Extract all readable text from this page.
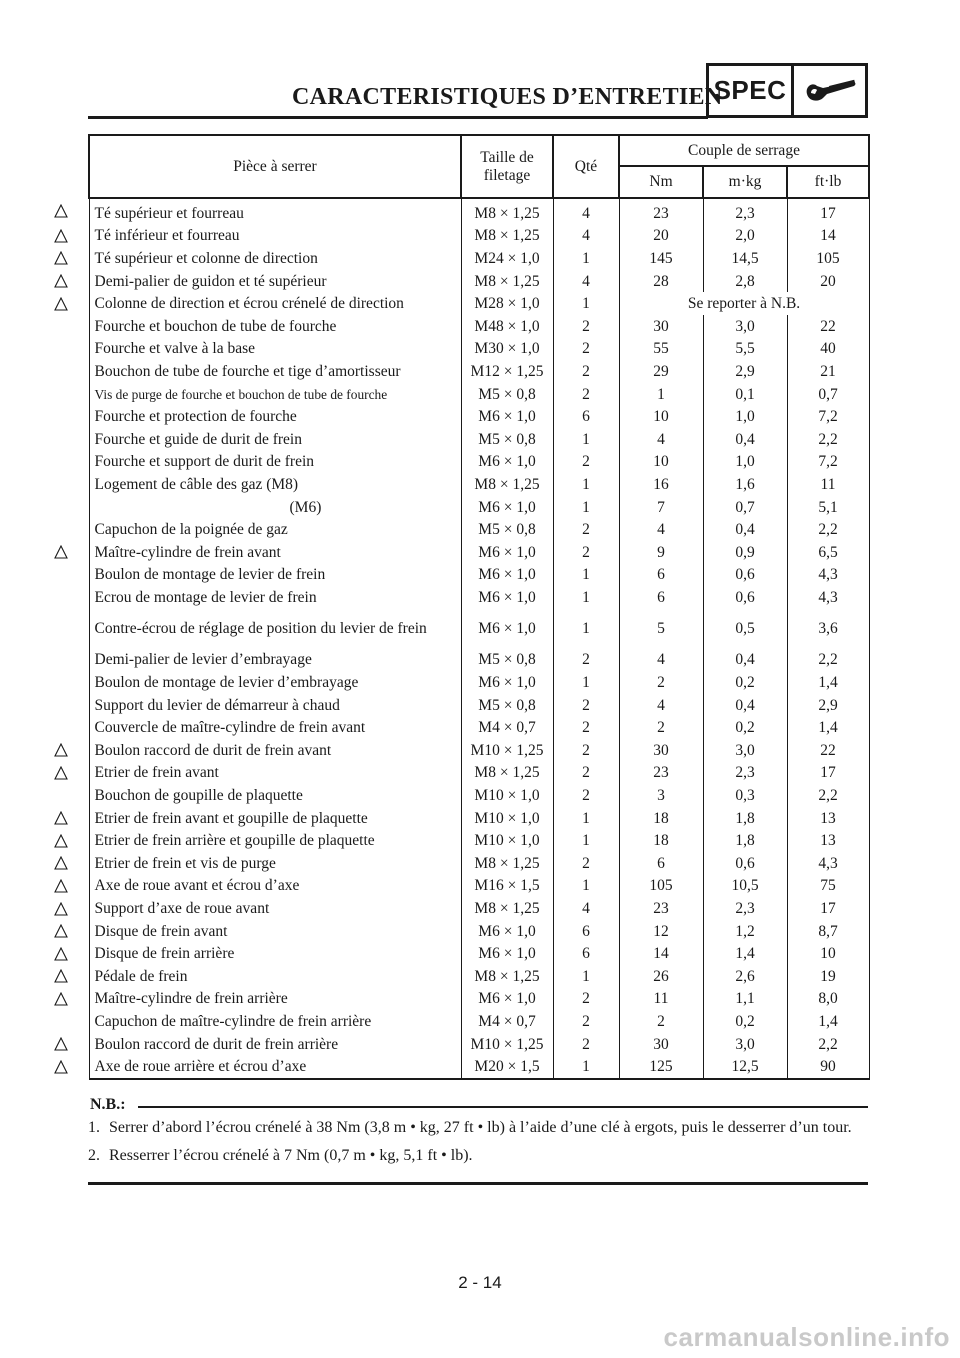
CARACTERISTIQUES D’ENTRETIEN
SPEC
Pièce à serrer	Taille de filetage	Qté	Couple de serrage		
			Nm	m·kg	ft·lb
Té supérieur et fourreau	M8 × 1,25	4	23	2,3	17
Té inférieur et fourreau	M8 × 1,25	4	20	2,0	14
Té supérieur et colonne de direction	M24 × 1,0	1	145	14,5	105
Demi-palier de guidon et té supérieur	M8 × 1,25	4	28	2,8	20
Colonne de direction et écrou crénelé de direction	M28 × 1,0	1	Se reporter à N.B.		
Fourche et bouchon de tube de fourche	M48 × 1,0	2	30	3,0	22
Fourche et valve à la base	M30 × 1,0	2	55	5,5	40
Bouchon de tube de fourche et tige d’amortisseur	M12 × 1,25	2	29	2,9	21
Vis de purge de fourche et bouchon de tube de fourche	M5 × 0,8	2	1	0,1	0,7
Fourche et protection de fourche	M6 × 1,0	6	10	1,0	7,2
Fourche et guide de durit de frein	M5 × 0,8	1	4	0,4	2,2
Fourche et support de durit de frein	M6 × 1,0	2	10	1,0	7,2
Logement de câble des gaz (M8)	M8 × 1,25	1	16	1,6	11
(M6)	M6 × 1,0	1	7	0,7	5,1
Capuchon de la poignée de gaz	M5 × 0,8	2	4	0,4	2,2
Maître-cylindre de frein avant	M6 × 1,0	2	9	0,9	6,5
Boulon de montage de levier de frein	M6 × 1,0	1	6	0,6	4,3
Ecrou de montage de levier de frein	M6 × 1,0	1	6	0,6	4,3
Contre-écrou de réglage de position du levier de frein	M6 × 1,0	1	5	0,5	3,6
Demi-palier de levier d’embrayage	M5 × 0,8	2	4	0,4	2,2
Boulon de montage de levier d’embrayage	M6 × 1,0	1	2	0,2	1,4
Support du levier de démarreur à chaud	M5 × 0,8	2	4	0,4	2,9
Couvercle de maître-cylindre de frein avant	M4 × 0,7	2	2	0,2	1,4
Boulon raccord de durit de frein avant	M10 × 1,25	2	30	3,0	22
Etrier de frein avant	M8 × 1,25	2	23	2,3	17
Bouchon de goupille de plaquette	M10 × 1,0	2	3	0,3	2,2
Etrier de frein avant et goupille de plaquette	M10 × 1,0	1	18	1,8	13
Etrier de frein arrière et goupille de plaquette	M10 × 1,0	1	18	1,8	13
Etrier de frein et vis de purge	M8 × 1,25	2	6	0,6	4,3
Axe de roue avant et écrou d’axe	M16 × 1,5	1	105	10,5	75
Support d’axe de roue avant	M8 × 1,25	4	23	2,3	17
Disque de frein avant	M6 × 1,0	6	12	1,2	8,7
Disque de frein arrière	M6 × 1,0	6	14	1,4	10
Pédale de frein	M8 × 1,25	1	26	2,6	19
Maître-cylindre de frein arrière	M6 × 1,0	2	11	1,1	8,0
Capuchon de maître-cylindre de frein arrière	M4 × 0,7	2	2	0,2	1,4
Boulon raccord de durit de frein arrière	M10 × 1,25	2	30	3,0	2,2
Axe de roue arrière et écrou d’axe	M20 × 1,5	1	125	12,5	90
N.B.:
1. Serrer d’abord l’écrou crénelé à 38 Nm (3,8 m • kg, 27 ft • lb) à l’aide d’une clé à ergots, puis le desserrer d’un tour.
2. Resserrer l’écrou crénelé à 7 Nm (0,7 m • kg, 5,1 ft • lb).
2 - 14
carmanualsonline.info
